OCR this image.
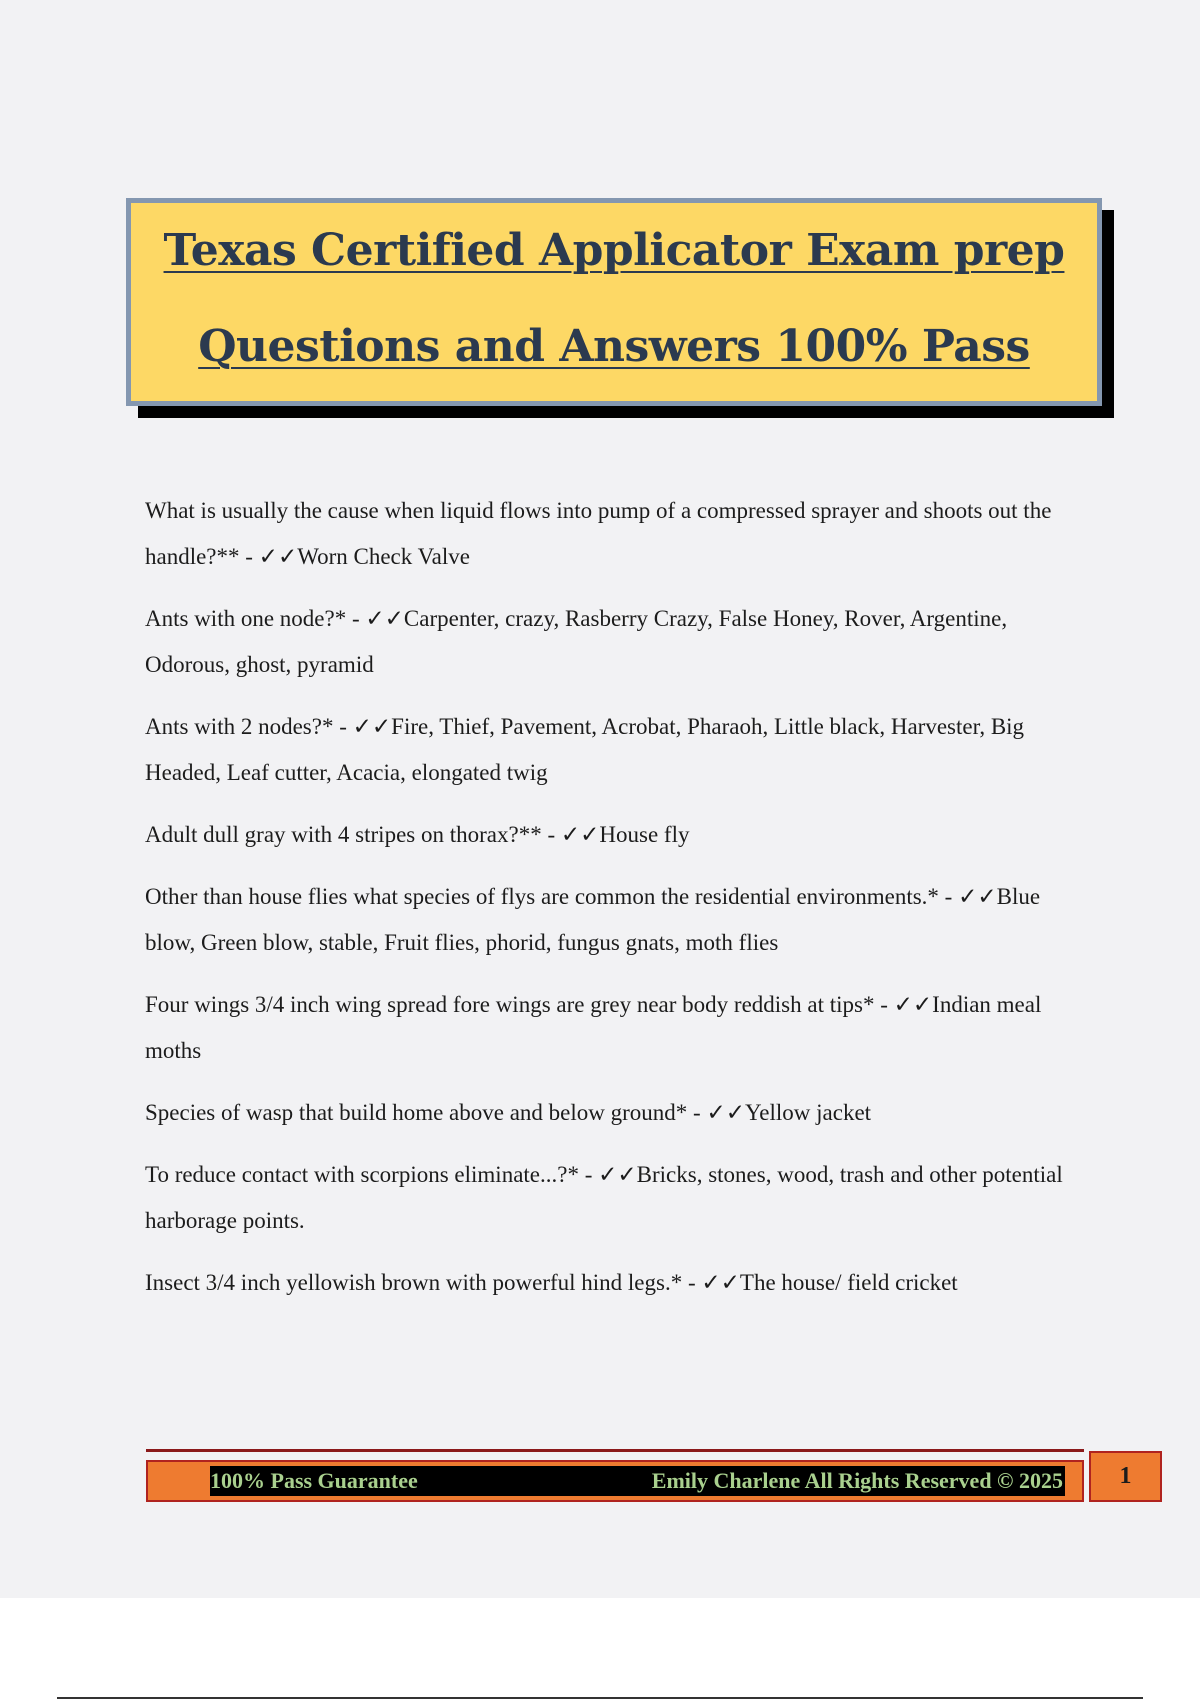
Texas Certified Applicator Exam prep
Questions and Answers 100% Pass
What is usually the cause when liquid flows into pump of a compressed sprayer and shoots out the handle?** - ✓✓Worn Check Valve
Ants with one node?* - ✓✓Carpenter, crazy, Rasberry Crazy, False Honey, Rover, Argentine, Odorous, ghost, pyramid
Ants with 2 nodes?* - ✓✓Fire, Thief, Pavement, Acrobat, Pharaoh, Little black, Harvester, Big Headed, Leaf cutter, Acacia, elongated twig
Adult dull gray with 4 stripes on thorax?** - ✓✓House fly
Other than house flies what species of flys are common the residential environments.* - ✓✓Blue blow, Green blow, stable, Fruit flies, phorid, fungus gnats, moth flies
Four wings 3/4 inch wing spread fore wings are grey near body reddish at tips* - ✓✓Indian meal moths
Species of wasp that build home above and below ground* - ✓✓Yellow jacket
To reduce contact with scorpions eliminate...?* - ✓✓Bricks, stones, wood, trash and other potential harborage points.
Insect 3/4 inch yellowish brown with powerful hind legs.* - ✓✓The house/ field cricket
100% Pass Guarantee	Emily Charlene All Rights Reserved © 2025	1
